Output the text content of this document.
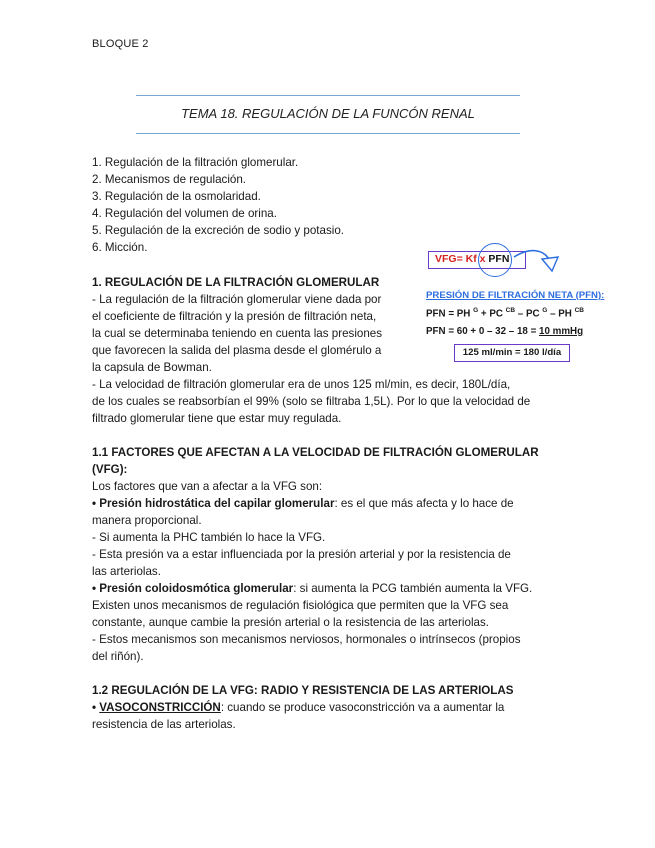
BLOQUE 2
TEMA 18. REGULACIÓN DE LA FUNCÓN RENAL

1. Regulación de la filtración glomerular.

2. Mecanismos de regulación.

3. Regulación de la osmolaridad.

4. Regulación del volumen de orina.

5. Regulación de la excreción de sodio y potasio.

6. Micción.

1. REGULACIÓN DE LA FILTRACIÓN GLOMERULAR

- La regulación de la filtración glomerular viene dada por

el coeficiente de filtración y la presión de filtración neta,

la cual se determinaba teniendo en cuenta las presiones

que favorecen la salida del plasma desde el glomérulo a

la capsula de Bowman.

- La velocidad de filtración glomerular era de unos 125 ml/min, es decir, 180L/día,

de los cuales se reabsorbían el 99% (solo se filtraba 1,5L). Por lo que la velocidad de

filtrado glomerular tiene que estar muy regulada.

VFG= Kf x PFN
PRESIÓN DE FILTRACIÓN NETA (PFN):
PFN = PH $^G$ + PC $^{CB}$ – PC $^G$ – PH $^{CB}$
PFN = 60 + 0 – 32 – 18 = 10 mmHg
125 ml/min = 180 l/día

1.1 FACTORES QUE AFECTAN A LA VELOCIDAD DE FILTRACIÓN GLOMERULAR

(VFG):

Los factores que van a afectar a la VFG son:

• Presión hidrostática del capilar glomerular: es el que más afecta y lo hace de

manera proporcional.

- Si aumenta la PHC también lo hace la VFG.

- Esta presión va a estar influenciada por la presión arterial y por la resistencia de

las arteriolas.

• Presión coloidosmótica glomerular: si aumenta la PCG también aumenta la VFG.

Existen unos mecanismos de regulación fisiológica que permiten que la VFG sea

constante, aunque cambie la presión arterial o la resistencia de las arteriolas.

- Estos mecanismos son mecanismos nerviosos, hormonales o intrínsecos (propios

del riñón).

1.2 REGULACIÓN DE LA VFG: RADIO Y RESISTENCIA DE LAS ARTERIOLAS

• VASOCONSTRICCIÓN: cuando se produce vasoconstricción va a aumentar la

resistencia de las arteriolas.
